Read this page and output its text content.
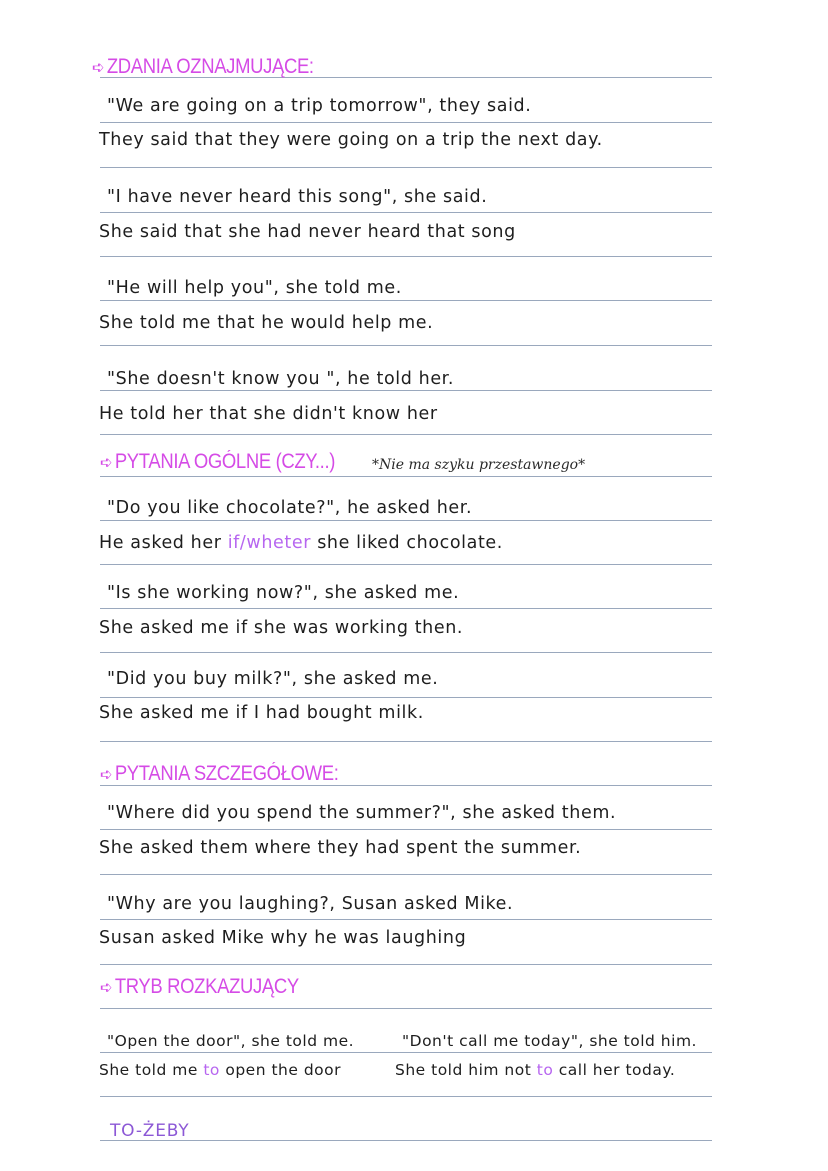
➪ ZDANIA OZNAJMUJĄCE:
"We are going on a trip tomorrow", they said.
They said that they were going on a trip the next day.
"I have never heard this song", she said.
She said that she had never heard that song
"He will help you", she told me.
She told me that he would help me.
"She doesn't know you ", he told her.
He told her that she didn't know her
➪ PYTANIA OGÓLNE (CZY...)	*Nie ma szyku przestawnego*
"Do you like chocolate?", he asked her.
He asked her if/wheter she liked chocolate.
"Is she working now?", she asked me.
She asked me if she was working then.
"Did you buy milk?", she asked me.
She asked me if I had bought milk.
➪ PYTANIA SZCZEGÓŁOWE:
"Where did you spend the summer?", she asked them.
She asked them where they had spent the summer.
"Why are you laughing?, Susan asked Mike.
Susan asked Mike why he was laughing
➪ TRYB ROZKAZUJĄCY
"Open the door", she told me.	"Don't call me today", she told him.
She told me to open the door	She told him not to call her today.
TO-ŻEBY
